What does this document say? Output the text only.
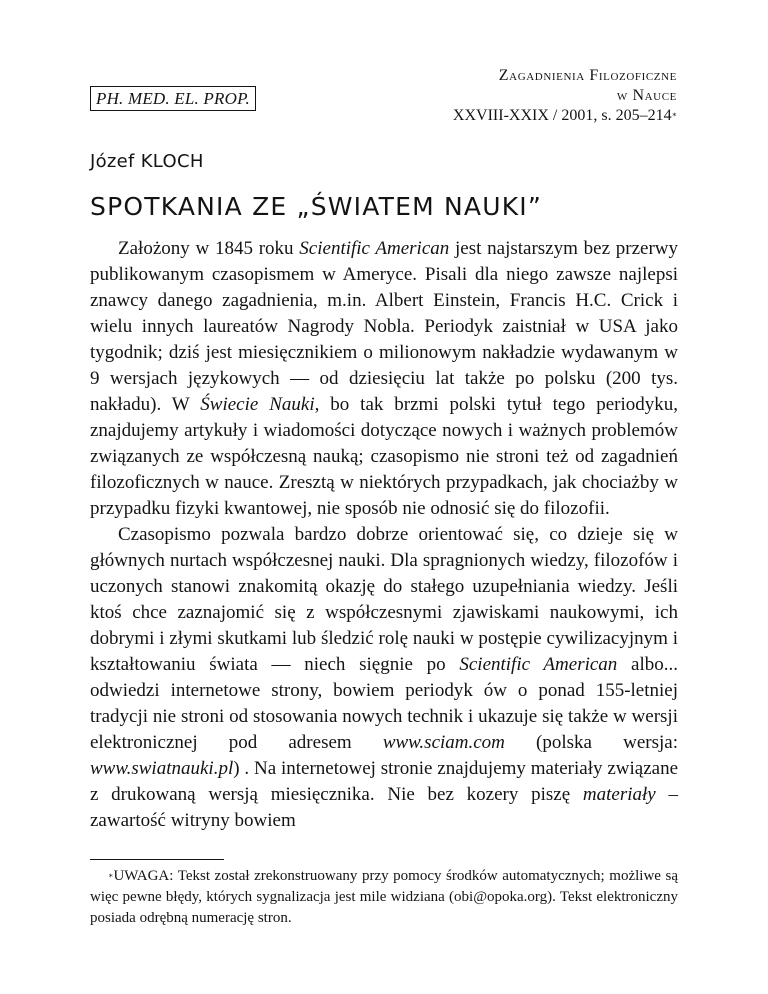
PH. MED. EL. PROP.
Zagadnienia Filozoficzne
w Nauce
XXVIII-XXIX / 2001, s. 205–214∗
Józef KLOCH
SPOTKANIA ZE „ŚWIATEM NAUKI”

Założony w 1845 roku Scientific American jest najstarszym bez przerwy publikowanym czasopismem w Ameryce. Pisali dla niego zawsze najlepsi znawcy danego zagadnienia, m.in. Albert Einstein, Francis H.C. Crick i wielu innych laureatów Nagrody Nobla. Periodyk zaistniał w USA jako tygodnik; dziś jest miesięcznikiem o milionowym nakładzie wydawanym w 9 wersjach językowych — od dziesięciu lat także po polsku (200 tys. nakładu). W Świecie Nauki, bo tak brzmi polski tytuł tego periodyku, znajdujemy artykuły i wiadomości dotyczące nowych i ważnych problemów związanych ze współczesną nauką; czasopismo nie stroni też od zagadnień filozoficznych w nauce. Zresztą w niektórych przypadkach, jak chociażby w przypadku fizyki kwantowej, nie sposób nie odnosić się do filozofii.

Czasopismo pozwala bardzo dobrze orientować się, co dzieje się w głównych nurtach współczesnej nauki. Dla spragnionych wiedzy, filozofów i uczonych stanowi znakomitą okazję do stałego uzupełniania wiedzy. Jeśli ktoś chce zaznajomić się z współczesnymi zjawiskami naukowymi, ich dobrymi i złymi skutkami lub śledzić rolę nauki w postępie cywilizacyjnym i kształtowaniu świata — niech sięgnie po Scientific American albo... odwiedzi internetowe strony, bowiem periodyk ów o ponad 155-letniej tradycji nie stroni od stosowania nowych technik i ukazuje się także w wersji elektronicznej pod adresem www.sciam.com (polska wersja: www.swiatnauki.pl) . Na internetowej stronie znajdujemy materiały związane z drukowaną wersją miesięcznika. Nie bez kozery piszę materiały – zawartość witryny bowiem

∗UWAGA: Tekst został zrekonstruowany przy pomocy środków automatycznych; możliwe są więc pewne błędy, których sygnalizacja jest mile widziana (obi@opoka.org). Tekst elektroniczny posiada odrębną numerację stron.
